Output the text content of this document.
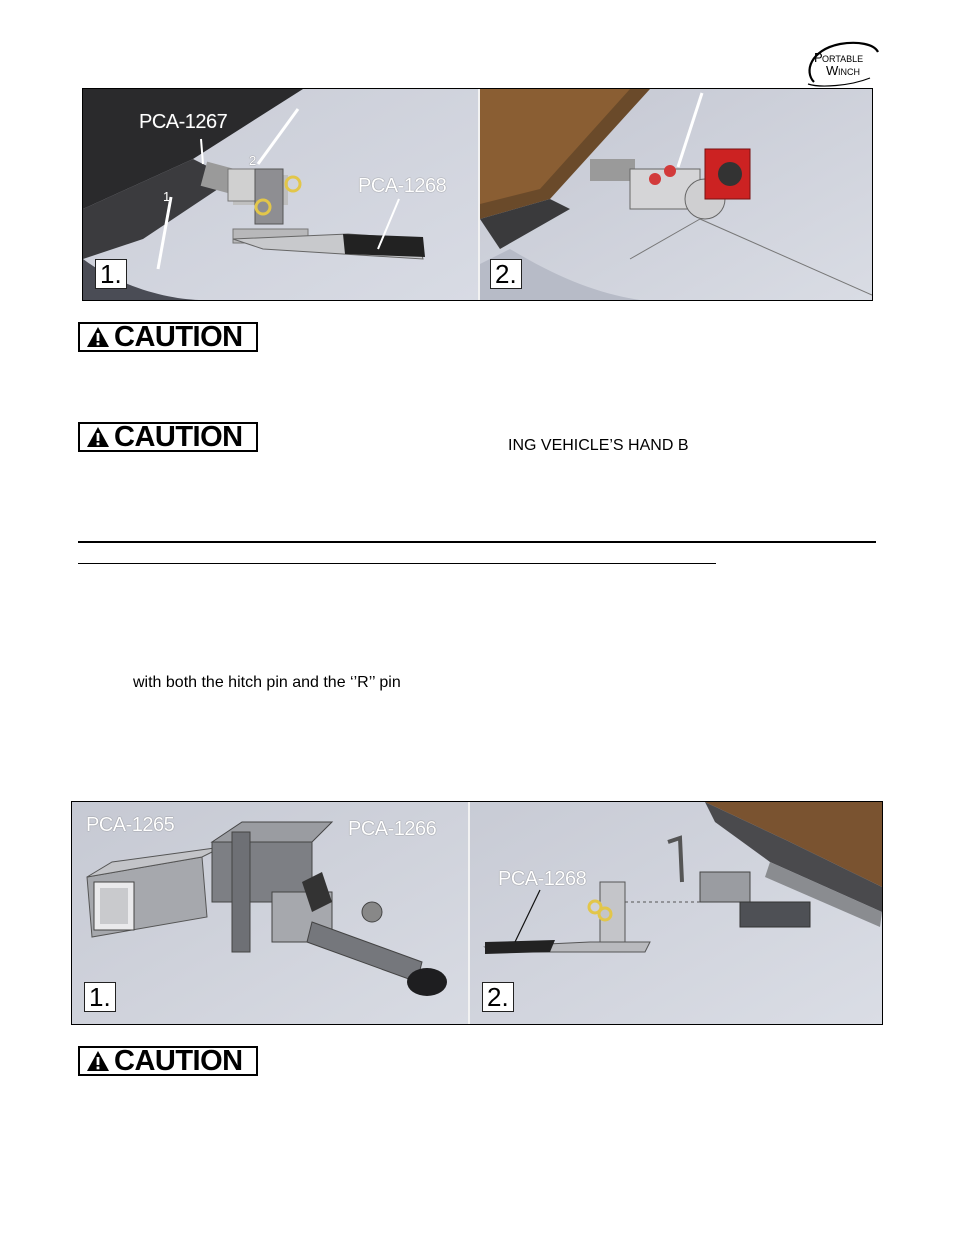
P ORTABLE
W INCH
PCA-1267
PCA-1268
1
2
1.	2.
CAUTION
CAUTION	ING VEHICLE’S HAND B
with both the hitch pin and the ‘’R’’ pin
PCA-1265	PCA-1266
1.
PCA-1268
2.
CAUTION
